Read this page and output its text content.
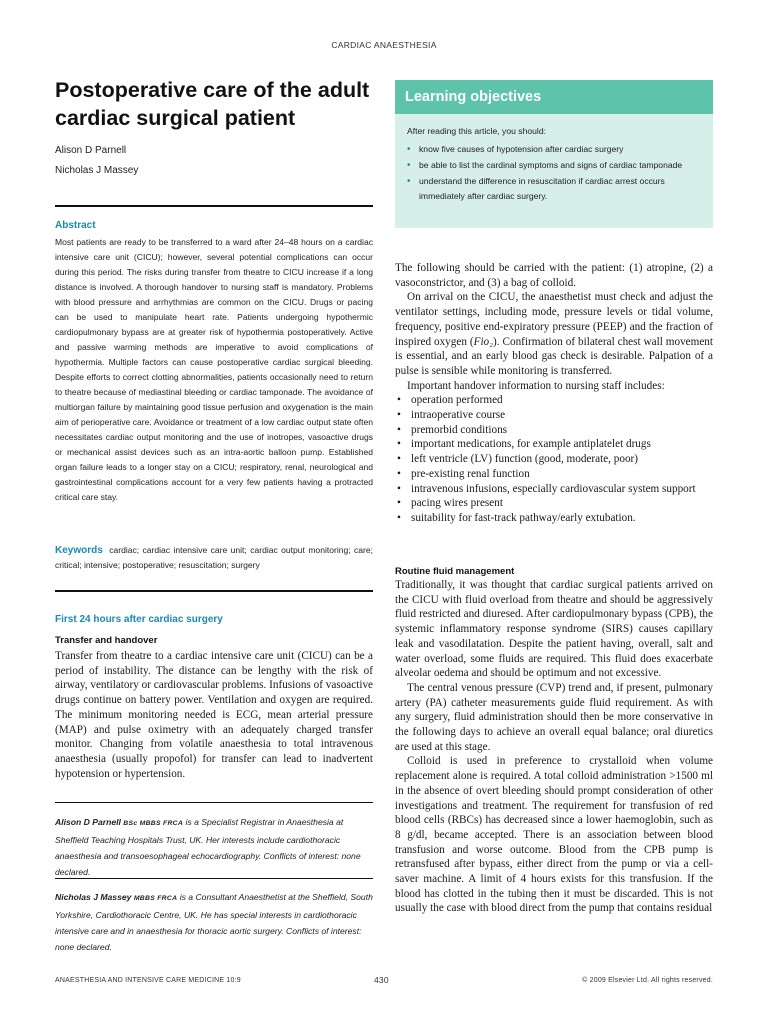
CARDIAC ANAESTHESIA
Postoperative care of the adult cardiac surgical patient
Alison D Parnell
Nicholas J Massey
Abstract
Most patients are ready to be transferred to a ward after 24–48 hours on a cardiac intensive care unit (CICU); however, several potential complications can occur during this period. The risks during transfer from theatre to CICU increase if a long distance is involved. A thorough handover to nursing staff is mandatory. Problems with blood pressure and arrhythmias are common on the CICU. Drugs or pacing can be used to manipulate heart rate. Patients undergoing hypothermic cardiopulmonary bypass are at greater risk of hypothermia postoperatively. Active and passive warming methods are imperative to avoid complications of hypothermia. Multiple factors can cause postoperative cardiac surgical bleeding. Despite efforts to correct clotting abnormalities, patients occasionally need to return to theatre because of mediastinal bleeding or cardiac tamponade. The avoidance of multiorgan failure by maintaining good tissue perfusion and oxygenation is the main aim of perioperative care. Avoidance or treatment of a low cardiac output state often necessitates cardiac output monitoring and the use of inotropes, vasoactive drugs or mechanical assist devices such as an intra-aortic balloon pump. Established organ failure leads to a longer stay on a CICU; respiratory, renal, neurological and gastrointestinal complications account for a very few patients having a protracted critical care stay.
Keywords cardiac; cardiac intensive care unit; cardiac output monitoring; care; critical; intensive; postoperative; resuscitation; surgery
First 24 hours after cardiac surgery
Transfer and handover

Transfer from theatre to a cardiac intensive care unit (CICU) can be a period of instability. The distance can be lengthy with the risk of airway, ventilatory or cardiovascular problems. Infusions of vasoactive drugs continue on battery power. Ventilation and oxygen are required. The minimum monitoring needed is ECG, mean arterial pressure (MAP) and pulse oximetry with an adequately charged transfer monitor. Changing from volatile anaesthesia to total intravenous anaesthesia (usually propofol) for transfer can lead to inadvertent hypotension or hypertension.

Alison D Parnell BSc MBBS FRCA is a Specialist Registrar in Anaesthesia at Sheffield Teaching Hospitals Trust, UK. Her interests include cardiothoracic anaesthesia and transoesophageal echocardiography. Conflicts of interest: none declared.
Nicholas J Massey MBBS FRCA is a Consultant Anaesthetist at the Sheffield, South Yorkshire, Cardiothoracic Centre, UK. He has special interests in cardiothoracic intensive care and in anaesthesia for thoracic aortic surgery. Conflicts of interest: none declared.
Learning objectives
After reading this article, you should:
• know five causes of hypotension after cardiac surgery
• be able to list the cardinal symptoms and signs of cardiac tamponade
• understand the difference in resuscitation if cardiac arrest occurs immediately after cardiac surgery.

The following should be carried with the patient: (1) atropine, (2) a vasoconstrictor, and (3) a bag of colloid.

On arrival on the CICU, the anaesthetist must check and adjust the ventilator settings, including mode, pressure levels or tidal volume, frequency, positive end-expiratory pressure (PEEP) and the fraction of inspired oxygen (Fio₂). Confirmation of bilateral chest wall movement is essential, and an early blood gas check is desirable. Palpation of a pulse is sensible while monitoring is transferred.

Important handover information to nursing staff includes:

• operation performed
• intraoperative course
• premorbid conditions
• important medications, for example antiplatelet drugs
• left ventricle (LV) function (good, moderate, poor)
• pre-existing renal function
• intravenous infusions, especially cardiovascular system support
• pacing wires present
• suitability for fast-track pathway/early extubation.
Routine fluid management

Traditionally, it was thought that cardiac surgical patients arrived on the CICU with fluid overload from theatre and should be aggressively fluid restricted and diuresed. After cardiopulmonary bypass (CPB), the systemic inflammatory response syndrome (SIRS) causes capillary leak and vasodilatation. Despite the patient having, overall, salt and water overload, some fluids are required. This fluid does exacerbate alveolar oedema and should be optimum and not excessive.

The central venous pressure (CVP) trend and, if present, pulmonary artery (PA) catheter measurements guide fluid requirement. As with any surgery, fluid administration should then be more conservative in the following days to achieve an overall equal balance; oral diuretics are used at this stage.

Colloid is used in preference to crystalloid when volume replacement alone is required. A total colloid administration >1500 ml in the absence of overt bleeding should prompt consideration of other investigations and treatment. The requirement for transfusion of red blood cells (RBCs) has decreased since a lower haemoglobin, such as 8 g/dl, became accepted. There is an association between blood transfusion and worse outcome. Blood from the CPB pump is retransfused after bypass, either direct from the pump or via a cell-saver machine. A limit of 4 hours exists for this transfusion. If the blood has clotted in the tubing then it must be discarded. This is not usually the case with blood direct from the pump that contains residual

ANAESTHESIA AND INTENSIVE CARE MEDICINE 10:9	430	© 2009 Elsevier Ltd. All rights reserved.
